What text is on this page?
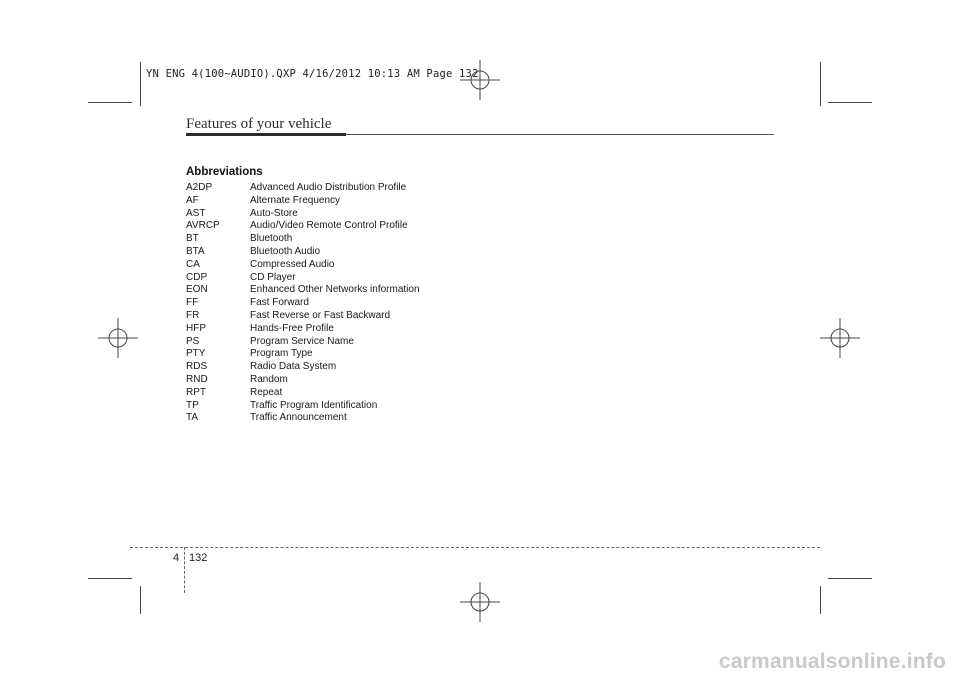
YN ENG 4(100~AUDIO).QXP 4/16/2012 10:13 AM Page 132
Features of your vehicle
Abbreviations
A2DP	Advanced Audio Distribution Profile
AF	Alternate Frequency
AST	Auto-Store
AVRCP	Audio/Video Remote Control Profile
BT	Bluetooth
BTA	Bluetooth Audio
CA	Compressed Audio
CDP	CD Player
EON	Enhanced Other Networks information
FF	Fast Forward
FR	Fast Reverse or Fast Backward
HFP	Hands-Free Profile
PS	Program Service Name
PTY	Program Type
RDS	Radio Data System
RND	Random
RPT	Repeat
TP	Traffic Program Identification
TA	Traffic Announcement
4 132
carmanualsonline.info
